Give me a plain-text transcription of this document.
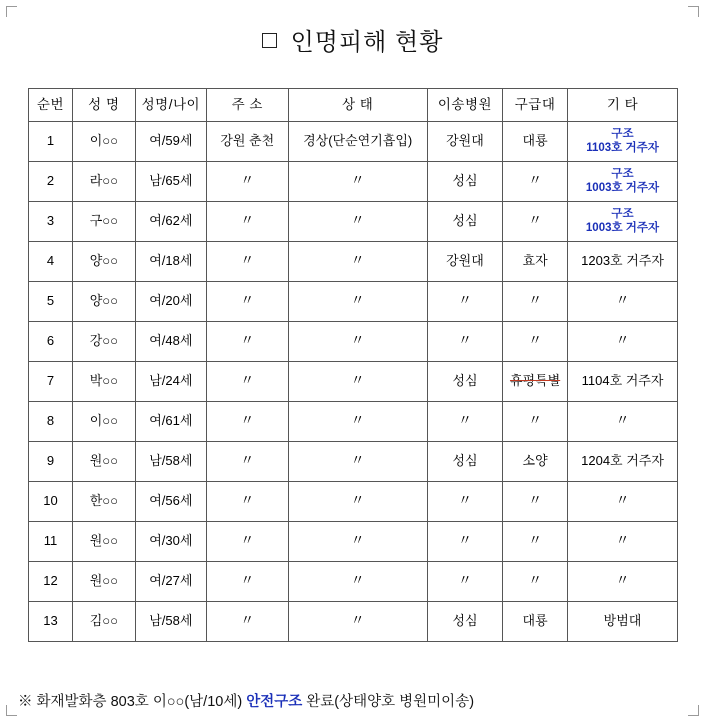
인명피해 현황
순번	성 명	성명/나이	주 소	상 태	이송병원	구급대	기 타
1	이○○	여/59세	강원 춘천	경상(단순연기흡입)	강원대	대룡	구조
1103호 거주자

2	라○○	남/65세	〃	〃	성심	〃	구조
1003호 거주자

3	구○○	여/62세	〃	〃	성심	〃	구조
1003호 거주자

4	양○○	여/18세	〃	〃	강원대	효자	1203호 거주자
5	양○○	여/20세	〃	〃	〃	〃	〃
6	강○○	여/48세	〃	〃	〃	〃	〃
7	박○○	남/24세	〃	〃	성심	휴평특별	1104호 거주자
8	이○○	여/61세	〃	〃	〃	〃	〃
9	원○○	남/58세	〃	〃	성심	소양	1204호 거주자
10	한○○	여/56세	〃	〃	〃	〃	〃
11	원○○	여/30세	〃	〃	〃	〃	〃
12	원○○	여/27세	〃	〃	〃	〃	〃
13	김○○	남/58세	〃	〃	성심	대룡	방범대
※ 화재발화층 803호 이○○(남/10세) 안전구조 완료(상태양호 병원미이송)
